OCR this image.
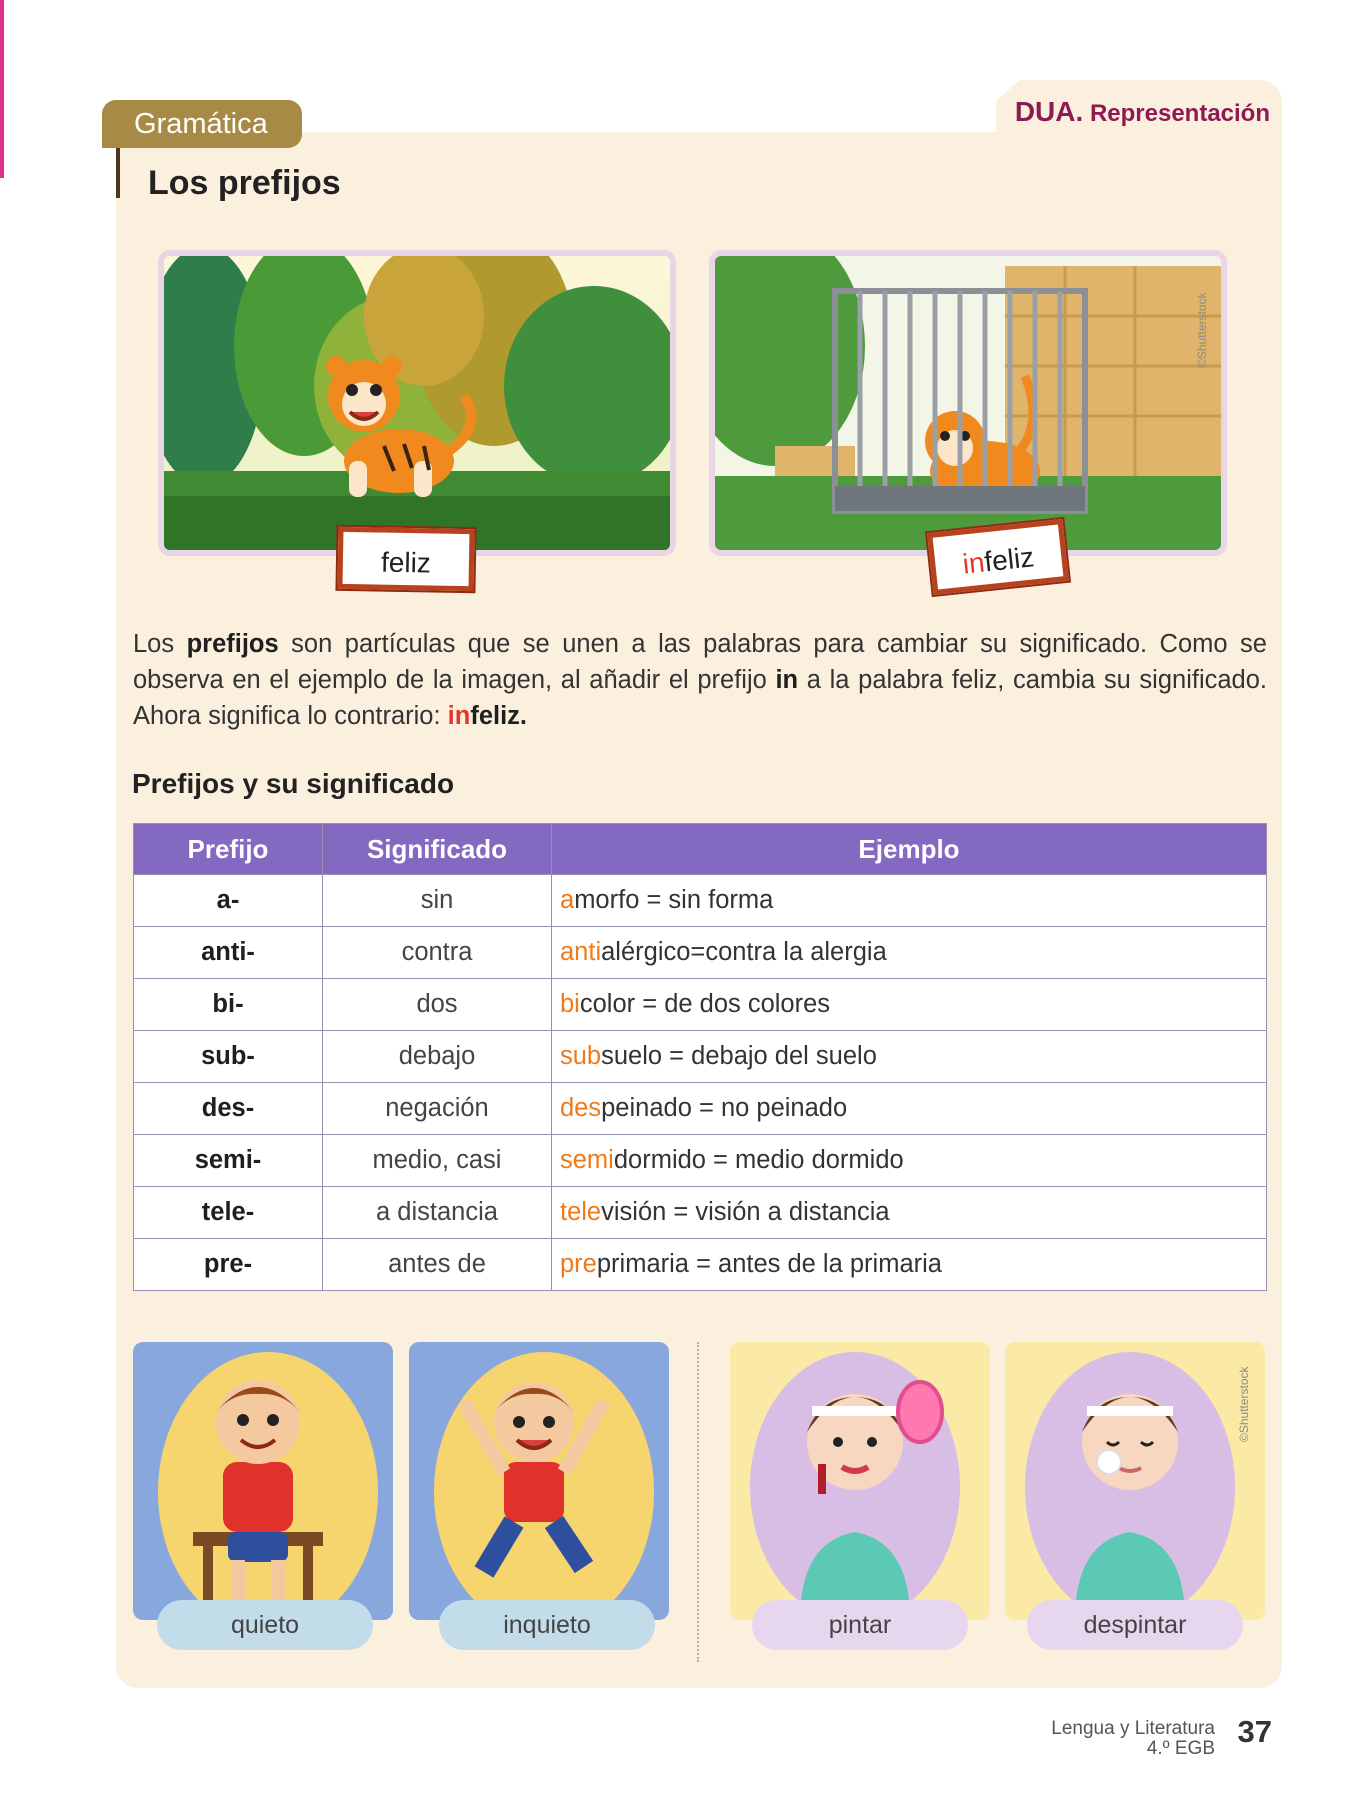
DUA. Representación
Gramática
Los prefijos
©Shutterstock
feliz	infeliz

Los prefijos son partículas que se unen a las palabras para cambiar su significado. Como se observa en el ejemplo de la imagen, al añadir el prefijo in a la palabra feliz, cambia su significado. Ahora significa lo contrario: infeliz.

Prefijos y su significado
Prefijo	Significado	Ejemplo
a-	sin	amorfo = sin forma
anti-	contra	antialérgico=contra la alergia
bi-	dos	bicolor = de dos colores
sub-	debajo	subsuelo = debajo del suelo
des-	negación	despeinado = no peinado
semi-	medio, casi	semidormido = medio dormido
tele-	a distancia	televisión = visión a distancia
pre-	antes de	preprimaria = antes de la primaria
©Shutterstock
quieto	inquieto	pintar	despintar
Lengua y Literatura
4.º EGB 37
